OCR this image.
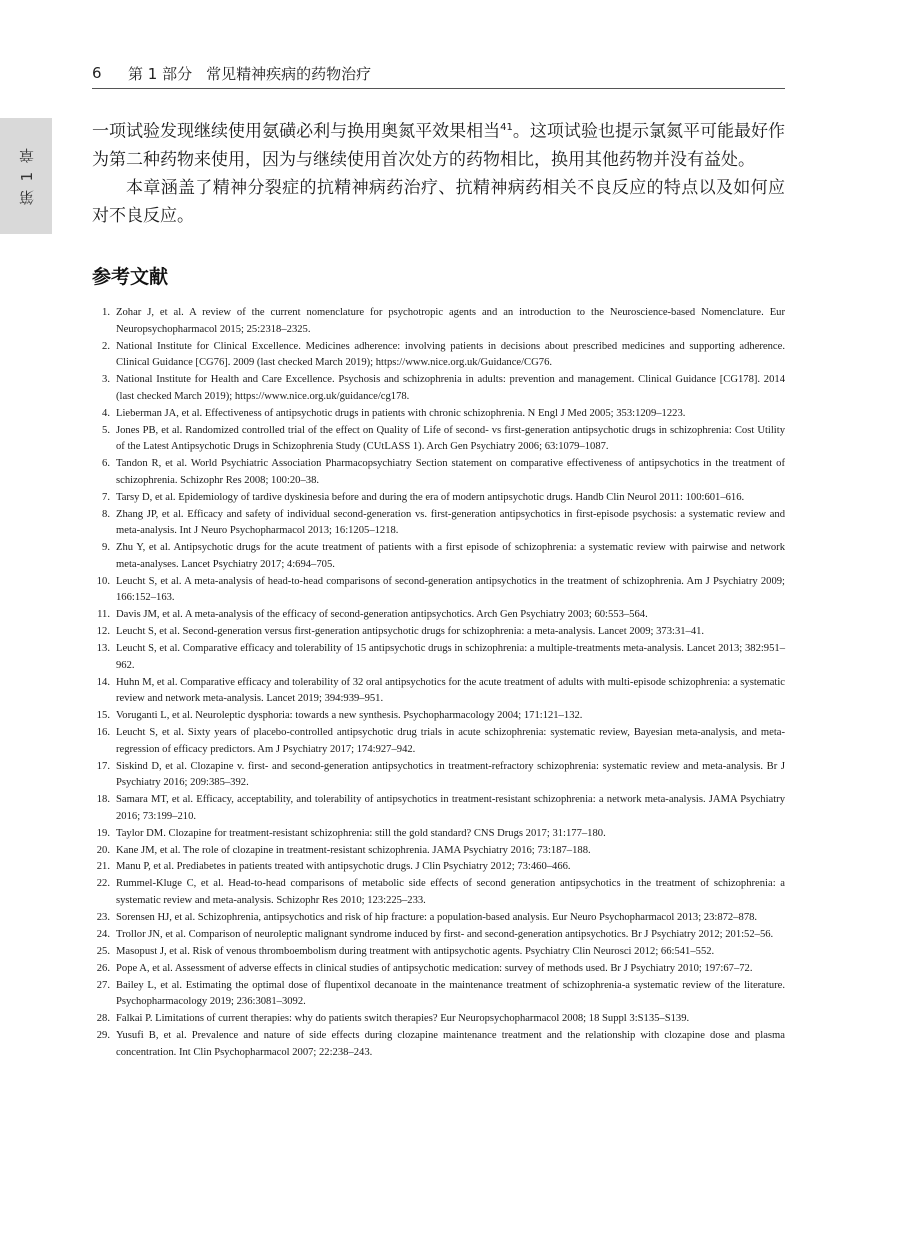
6	第 1 部分 常见精神疾病的药物治疗
第 1 章

一项试验发现继续使用氨磺必利与换用奥氮平效果相当$^{41}$。这项试验也提示氯氮平可能最好作为第二种药物来使用，因为与继续使用首次处方的药物相比，换用其他药物并没有益处。

本章涵盖了精神分裂症的抗精神病药治疗、抗精神病药相关不良反应的特点以及如何应对不良反应。

参考文献
1. Zohar J, et al. A review of the current nomenclature for psychotropic agents and an introduction to the Neuroscience-based Nomenclature. Eur Neuropsychopharmacol 2015; 25:2318–2325.
2. National Institute for Clinical Excellence. Medicines adherence: involving patients in decisions about prescribed medicines and supporting adherence. Clinical Guidance [CG76]. 2009 (last checked March 2019); https://www.nice.org.uk/Guidance/CG76.
3. National Institute for Health and Care Excellence. Psychosis and schizophrenia in adults: prevention and management. Clinical Guidance [CG178]. 2014 (last checked March 2019); https://www.nice.org.uk/guidance/cg178.
4. Lieberman JA, et al. Effectiveness of antipsychotic drugs in patients with chronic schizophrenia. N Engl J Med 2005; 353:1209–1223.
5. Jones PB, et al. Randomized controlled trial of the effect on Quality of Life of second- vs first-generation antipsychotic drugs in schizophrenia: Cost Utility of the Latest Antipsychotic Drugs in Schizophrenia Study (CUtLASS 1). Arch Gen Psychiatry 2006; 63:1079–1087.
6. Tandon R, et al. World Psychiatric Association Pharmacopsychiatry Section statement on comparative effectiveness of antipsychotics in the treatment of schizophrenia. Schizophr Res 2008; 100:20–38.
7. Tarsy D, et al. Epidemiology of tardive dyskinesia before and during the era of modern antipsychotic drugs. Handb Clin Neurol 2011: 100:601–616.
8. Zhang JP, et al. Efficacy and safety of individual second-generation vs. first-generation antipsychotics in first-episode psychosis: a systematic review and meta-analysis. Int J Neuro Psychopharmacol 2013; 16:1205–1218.
9. Zhu Y, et al. Antipsychotic drugs for the acute treatment of patients with a first episode of schizophrenia: a systematic review with pairwise and network meta-analyses. Lancet Psychiatry 2017; 4:694–705.
10. Leucht S, et al. A meta-analysis of head-to-head comparisons of second-generation antipsychotics in the treatment of schizophrenia. Am J Psychiatry 2009; 166:152–163.
11. Davis JM, et al. A meta-analysis of the efficacy of second-generation antipsychotics. Arch Gen Psychiatry 2003; 60:553–564.
12. Leucht S, et al. Second-generation versus first-generation antipsychotic drugs for schizophrenia: a meta-analysis. Lancet 2009; 373:31–41.
13. Leucht S, et al. Comparative efficacy and tolerability of 15 antipsychotic drugs in schizophrenia: a multiple-treatments meta-analysis. Lancet 2013; 382:951–962.
14. Huhn M, et al. Comparative efficacy and tolerability of 32 oral antipsychotics for the acute treatment of adults with multi-episode schizophrenia: a systematic review and network meta-analysis. Lancet 2019; 394:939–951.
15. Voruganti L, et al. Neuroleptic dysphoria: towards a new synthesis. Psychopharmacology 2004; 171:121–132.
16. Leucht S, et al. Sixty years of placebo-controlled antipsychotic drug trials in acute schizophrenia: systematic review, Bayesian meta-analysis, and meta-regression of efficacy predictors. Am J Psychiatry 2017; 174:927–942.
17. Siskind D, et al. Clozapine v. first- and second-generation antipsychotics in treatment-refractory schizophrenia: systematic review and meta-analysis. Br J Psychiatry 2016; 209:385–392.
18. Samara MT, et al. Efficacy, acceptability, and tolerability of antipsychotics in treatment-resistant schizophrenia: a network meta-analysis. JAMA Psychiatry 2016; 73:199–210.
19. Taylor DM. Clozapine for treatment-resistant schizophrenia: still the gold standard? CNS Drugs 2017; 31:177–180.
20. Kane JM, et al. The role of clozapine in treatment-resistant schizophrenia. JAMA Psychiatry 2016; 73:187–188.
21. Manu P, et al. Prediabetes in patients treated with antipsychotic drugs. J Clin Psychiatry 2012; 73:460–466.
22. Rummel-Kluge C, et al. Head-to-head comparisons of metabolic side effects of second generation antipsychotics in the treatment of schizophrenia: a systematic review and meta-analysis. Schizophr Res 2010; 123:225–233.
23. Sorensen HJ, et al. Schizophrenia, antipsychotics and risk of hip fracture: a population-based analysis. Eur Neuro Psychopharmacol 2013; 23:872–878.
24. Trollor JN, et al. Comparison of neuroleptic malignant syndrome induced by first- and second-generation antipsychotics. Br J Psychiatry 2012; 201:52–56.
25. Masopust J, et al. Risk of venous thromboembolism during treatment with antipsychotic agents. Psychiatry Clin Neurosci 2012; 66:541–552.
26. Pope A, et al. Assessment of adverse effects in clinical studies of antipsychotic medication: survey of methods used. Br J Psychiatry 2010; 197:67–72.
27. Bailey L, et al. Estimating the optimal dose of flupentixol decanoate in the maintenance treatment of schizophrenia-a systematic review of the literature. Psychopharmacology 2019; 236:3081–3092.
28. Falkai P. Limitations of current therapies: why do patients switch therapies? Eur Neuropsychopharmacol 2008; 18 Suppl 3:S135–S139.
29. Yusufi B, et al. Prevalence and nature of side effects during clozapine maintenance treatment and the relationship with clozapine dose and plasma concentration. Int Clin Psychopharmacol 2007; 22:238–243.
